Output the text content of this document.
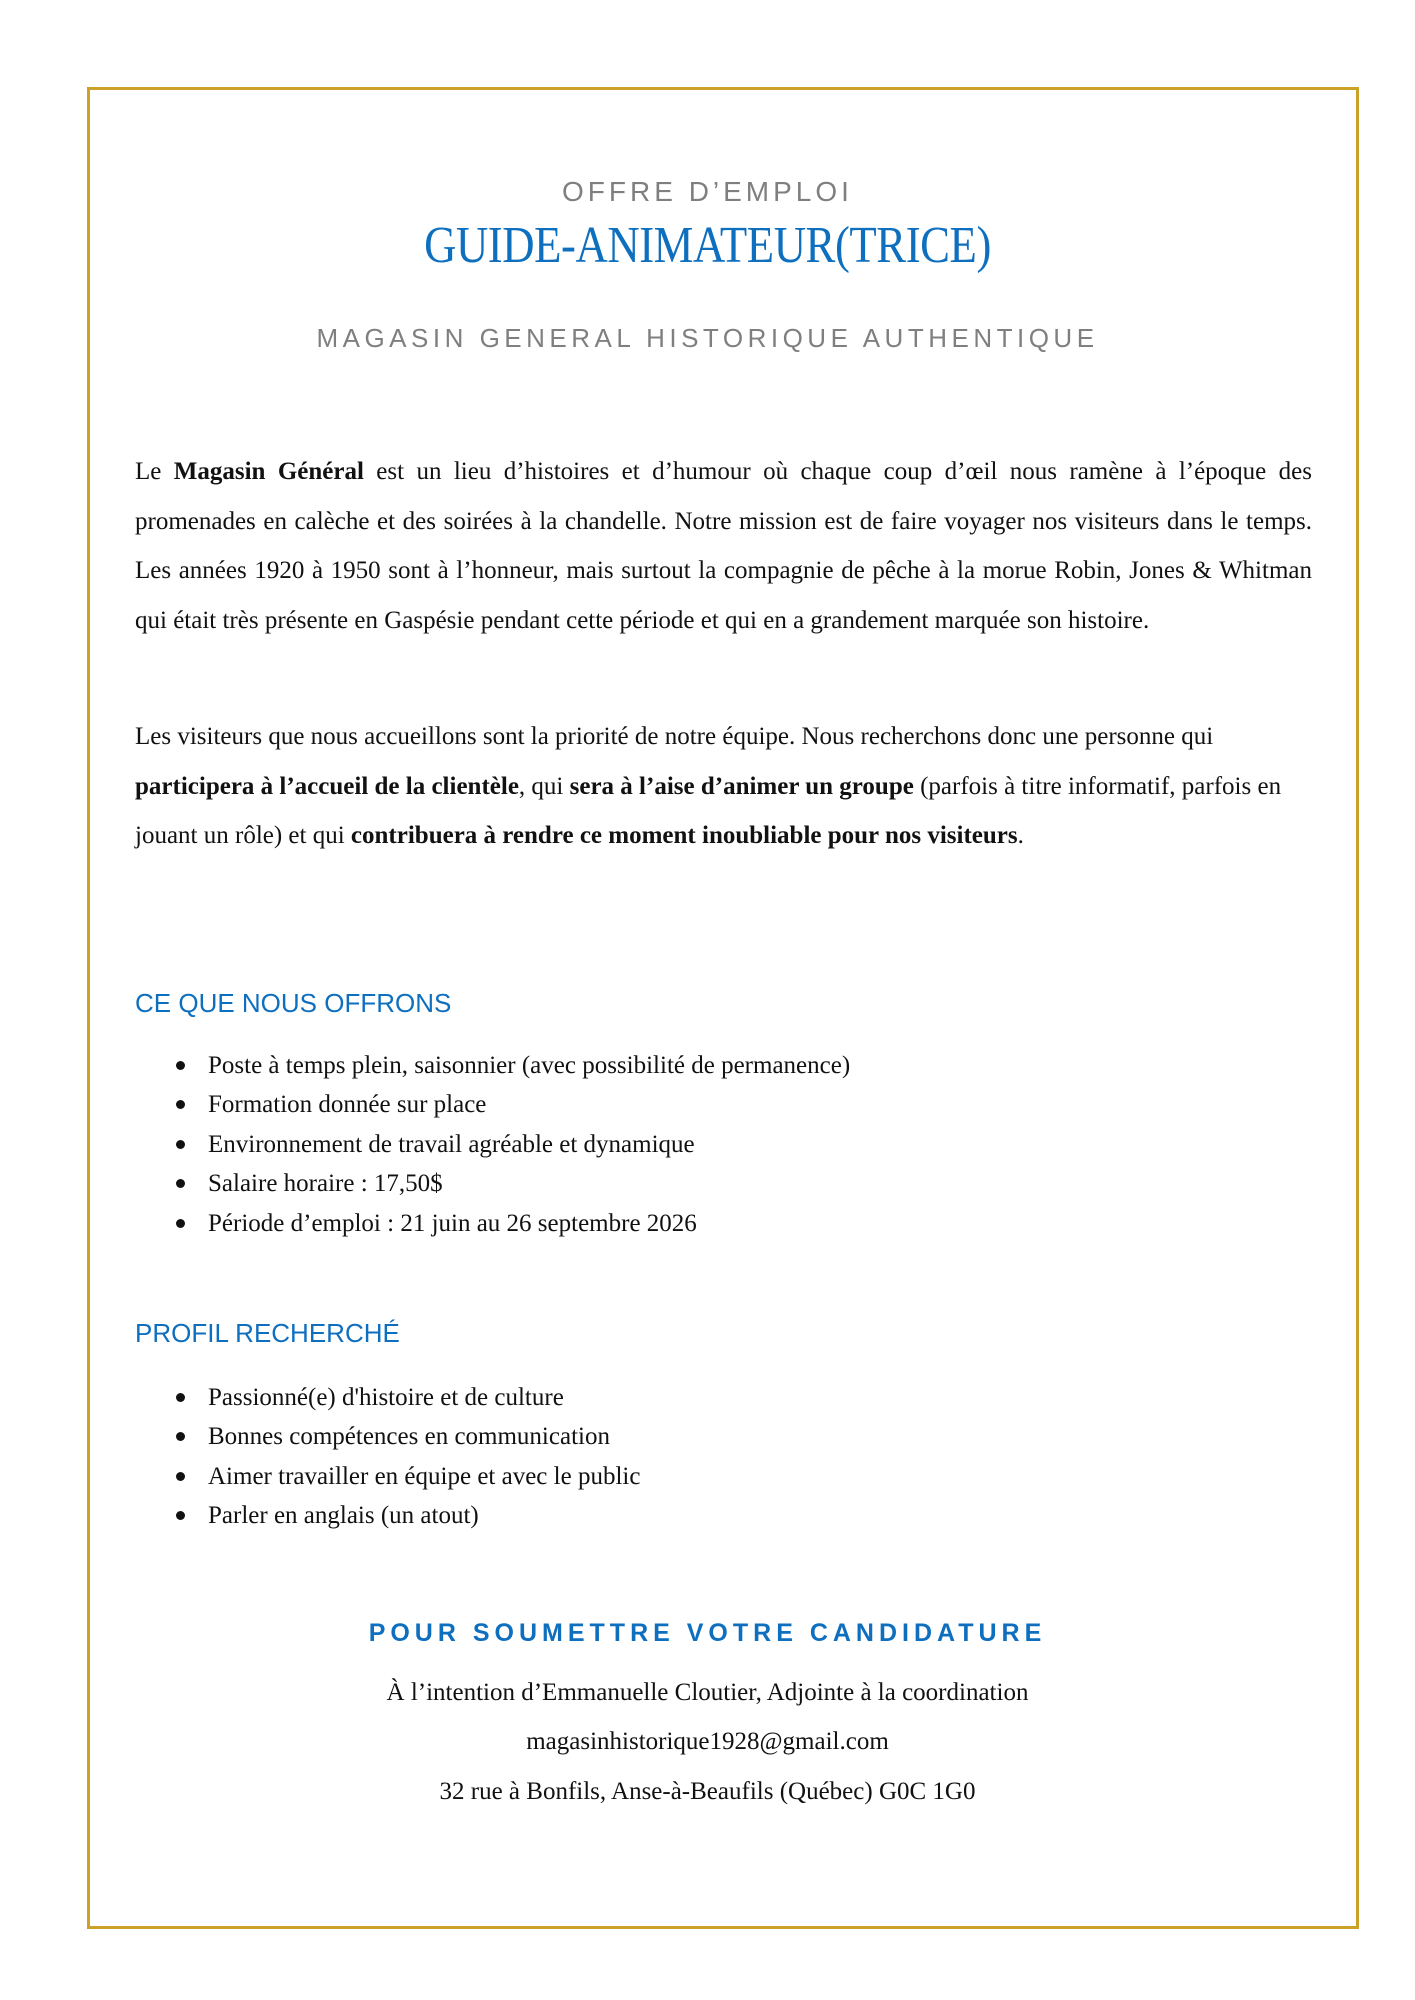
OFFRE D’EMPLOI
GUIDE-ANIMATEUR(TRICE)
MAGASIN GENERAL HISTORIQUE AUTHENTIQUE

Le Magasin Général est un lieu d’histoires et d’humour où chaque coup d’œil nous ramène à l’époque des promenades en calèche et des soirées à la chandelle. Notre mission est de faire voyager nos visiteurs dans le temps. Les années 1920 à 1950 sont à l’honneur, mais surtout la compagnie de pêche à la morue Robin, Jones & Whitman qui était très présente en Gaspésie pendant cette période et qui en a grandement marquée son histoire.

Les visiteurs que nous accueillons sont la priorité de notre équipe. Nous recherchons donc une personne qui participera à l’accueil de la clientèle, qui sera à l’aise d’animer un groupe (parfois à titre informatif, parfois en jouant un rôle) et qui contribuera à rendre ce moment inoubliable pour nos visiteurs.

CE QUE NOUS OFFRONS
Poste à temps plein, saisonnier (avec possibilité de permanence)
Formation donnée sur place
Environnement de travail agréable et dynamique
Salaire horaire : 17,50$
Période d’emploi : 21 juin au 26 septembre 2026
PROFIL RECHERCHÉ
Passionné(e) d'histoire et de culture
Bonnes compétences en communication
Aimer travailler en équipe et avec le public
Parler en anglais (un atout)
POUR SOUMETTRE VOTRE CANDIDATURE
À l’intention d’Emmanuelle Cloutier, Adjointe à la coordination
magasinhistorique1928@gmail.com
32 rue à Bonfils, Anse-à-Beaufils (Québec) G0C 1G0
